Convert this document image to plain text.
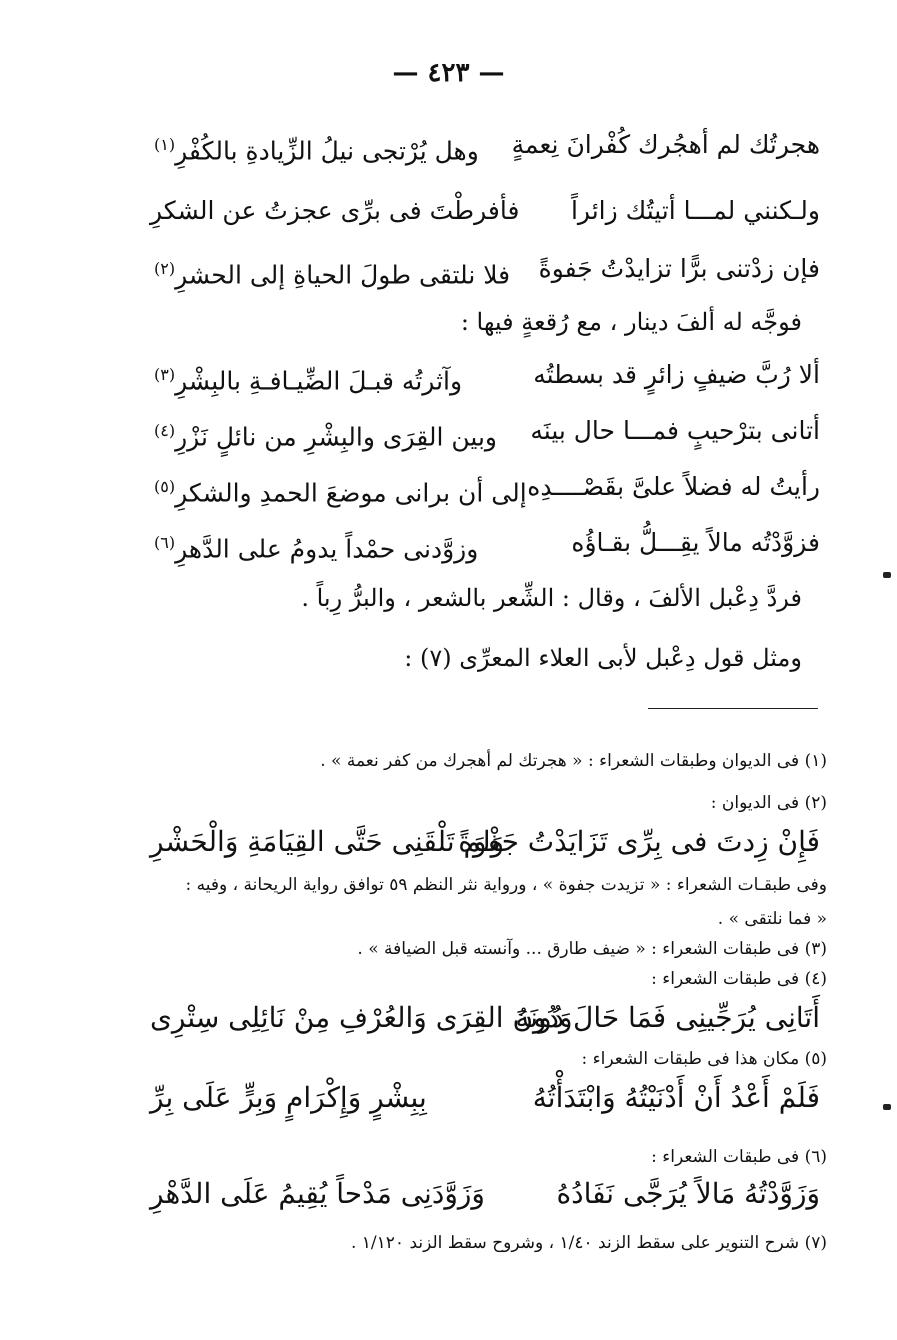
— ٤٢٣ —
هجرتُك لم أهجُرك كُفْرانَ نِعمةٍ
وهل يُرْتجى نيلُ الزِّيادةِ بالكُفْرِ$^{(١)}$
ولـكنني لمـــا أتيتُك زائراً
فأفرطْتَ فى برِّى عجزتُ عن الشكرِ
فإن زدْتنى برًّا تزايدْتُ جَفوةً
فلا نلتقى طولَ الحياةِ إلى الحشرِ$^{(٢)}$
فوجَّه له ألفَ دينار ، مع رُقعةٍ فيها :
ألا رُبَّ ضيفٍ زائرٍ قد بسطتُه
وآثرتُه قبـلَ الضِّيـافـةِ بالبِشْرِ$^{(٣)}$
أتانى بترْحيبٍ فمـــا حال بينَه
وبين القِرَى والبِشْرِ من نائلٍ نَزْرِ$^{(٤)}$
رأيتُ له فضلاً علىَّ بقَصْــــدِه
إلى أن برانى موضعَ الحمدِ والشكرِ$^{(٥)}$
فزوَّدْتُه مالاً يقِـــلُّ بقـاؤُه
وزوَّدنى حمْداً يدومُ على الدَّهرِ$^{(٦)}$
فردَّ دِعْبل الألفَ ، وقال : الشِّعر بالشعر ، والبرُّ رِباً .
ومثل قول دِعْبل لأبى العلاء المعرِّى (٧) :
(١) فى الديوان وطبقات الشعراء : « هجرتك لم أهجرك من كفر نعمة » .
(٢) فى الديوان :
فَإِنْ زِدتَ فى بِرِّى تَزَايَدْتُ جَفْوَةً
وَلم تَلْقَنِى حَتَّى القِيَامَةِ وَالْحَشْرِ
وفى طبقـات الشعراء : « تزيدت جفوة » ، ورواية نثر النظم ٥٩ توافق رواية الريحانة ، وفيه :
« فما نلتقى » .
(٣) فى طبقات الشعراء : « ضيف طارق ... وآنسته قبل الضيافة » .
(٤) فى طبقات الشعراء :
أَتَانِى يُرَجِّينِى فَمَا حَالَ دُونَهُ
وَدُونَ القِرَى وَالعُرْفِ مِنْ نَائِلِى سِتْرِى
(٥) مكان هذا فى طبقات الشعراء :
فَلَمْ أَعْدُ أَنْ أَدْنَيْتُهُ وَابْتَدَأْتُهُ
بِبِشْرٍ وَإِكْرَامٍ وَبِرٍّ عَلَى بِرِّ
(٦) فى طبقات الشعراء :
وَزَوَّدْتُهُ مَالاً يُرَجَّى نَفَادُهُ
وَزَوَّدَنِى مَدْحاً يُقِيمُ عَلَى الدَّهْرِ
(٧) شرح التنوير على سقط الزند ١/٤٠ ، وشروح سقط الزند ١/١٢٠ .
